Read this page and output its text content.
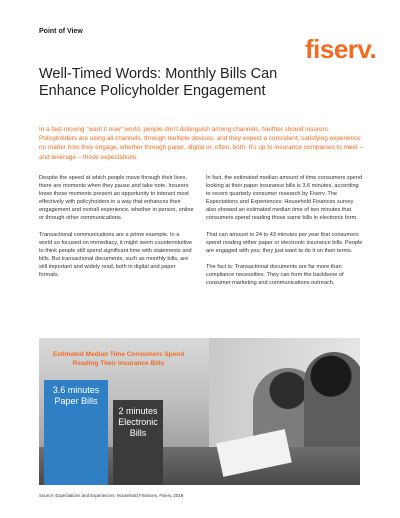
Point of View
fiserv.
Well-Timed Words: Monthly Bills Can Enhance Policyholder Engagement
In a fast-moving "want it now" world, people don't distinguish among channels. Neither should insurers. Policyholders are using all channels, through multiple devices, and they expect a consistent, satisfying experience no matter how they engage, whether through paper, digital or, often, both. It's up to insurance companies to meet – and leverage – those expectations.

Despite the speed at which people move through their lives, there are moments when they pause and take note. Insurers know those moments present an opportunity to interact most effectively with policyholders in a way that enhances their engagement and overall experience, whether in person, online or through other communications.

Transactional communications are a prime example. In a world so focused on immediacy, it might seem counterintuitive to think people still spend significant time with statements and bills. But transactional documents, such as monthly bills, are still important and widely read, both in digital and paper formats.

In fact, the estimated median amount of time consumers spend looking at their paper insurance bills is 3.6 minutes, according to recent quarterly consumer research by Fiserv. The Expectations and Experiences: Household Finances survey also showed an estimated median time of two minutes that consumers spend reading those same bills in electronic form.

That can amount to 24 to 43 minutes per year that consumers spend reading either paper or electronic insurance bills. People are engaged with you; they just want to do it on their terms.

The fact is: Transactional documents are far more than compliance necessities. They can form the backbone of consumer marketing and communications outreach.

Estimated Median Time Consumers Spend Reading Their Insurance Bills
3.6 minutes
Paper Bills
2 minutes
Electronic Bills
Source: Expectations and Experiences: Household Finances, Fiserv, 2018
